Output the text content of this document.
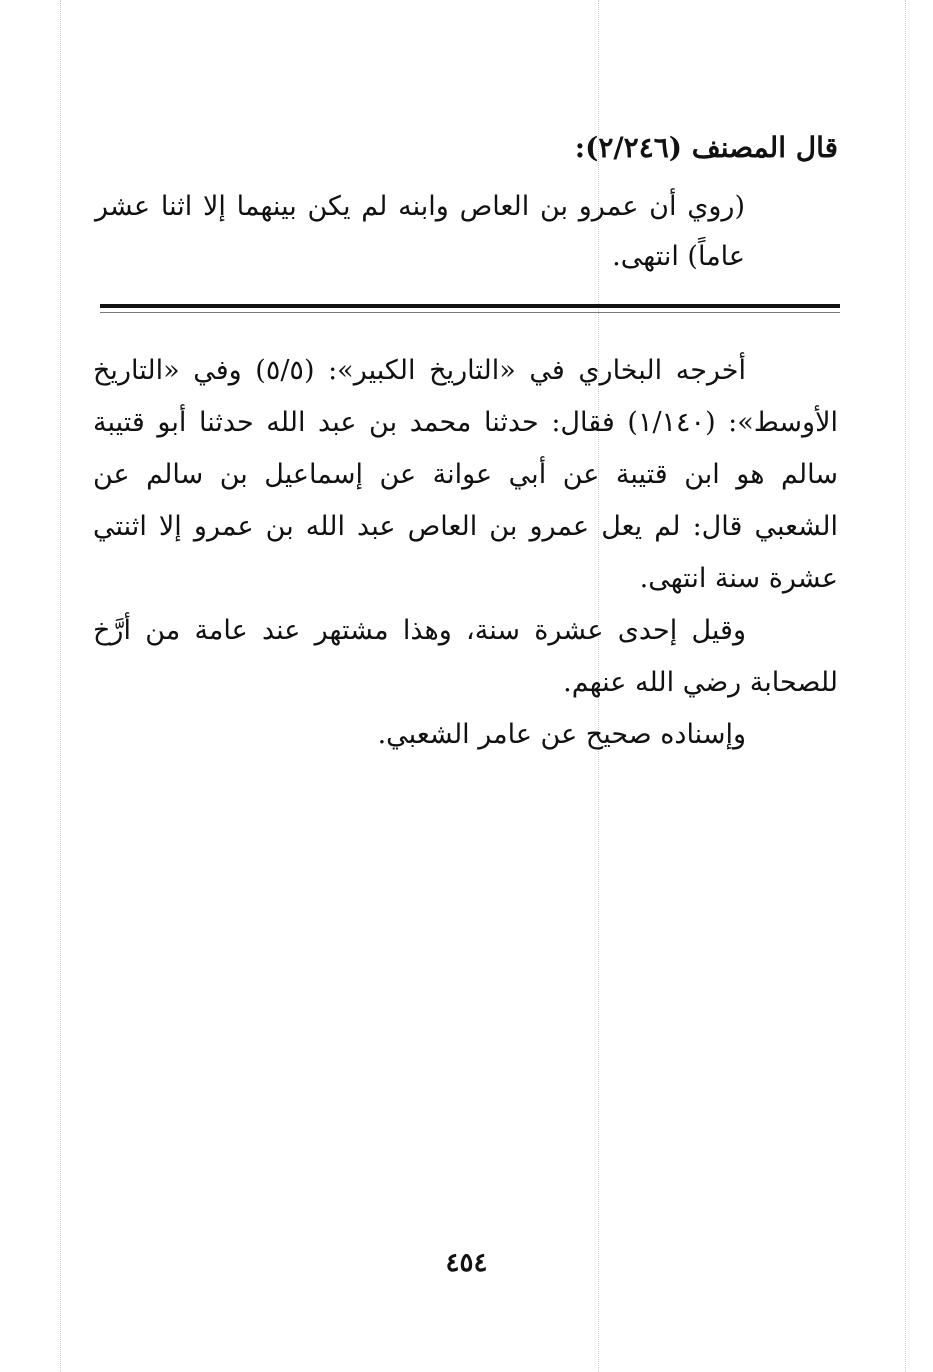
قال المصنف (٢/٢٤٦):
(روي أن عمرو بن العاص وابنه لم يكن بينهما إلا اثنا عشر عاماً) انتهى.

أخرجه البخاري في «التاريخ الكبير»: (٥/٥) وفي «التاريخ الأوسط»: (١/١٤٠) فقال: حدثنا محمد بن عبد الله حدثنا أبو قتيبة سالم هو ابن قتيبة عن أبي عوانة عن إسماعيل بن سالم عن الشعبي قال: لم يعل عمرو بن العاص عبد الله بن عمرو إلا اثنتي عشرة سنة انتهى.

وقيل إحدى عشرة سنة، وهذا مشتهر عند عامة من أرَّخ للصحابة رضي الله عنهم.

وإسناده صحيح عن عامر الشعبي.

٤٥٤
